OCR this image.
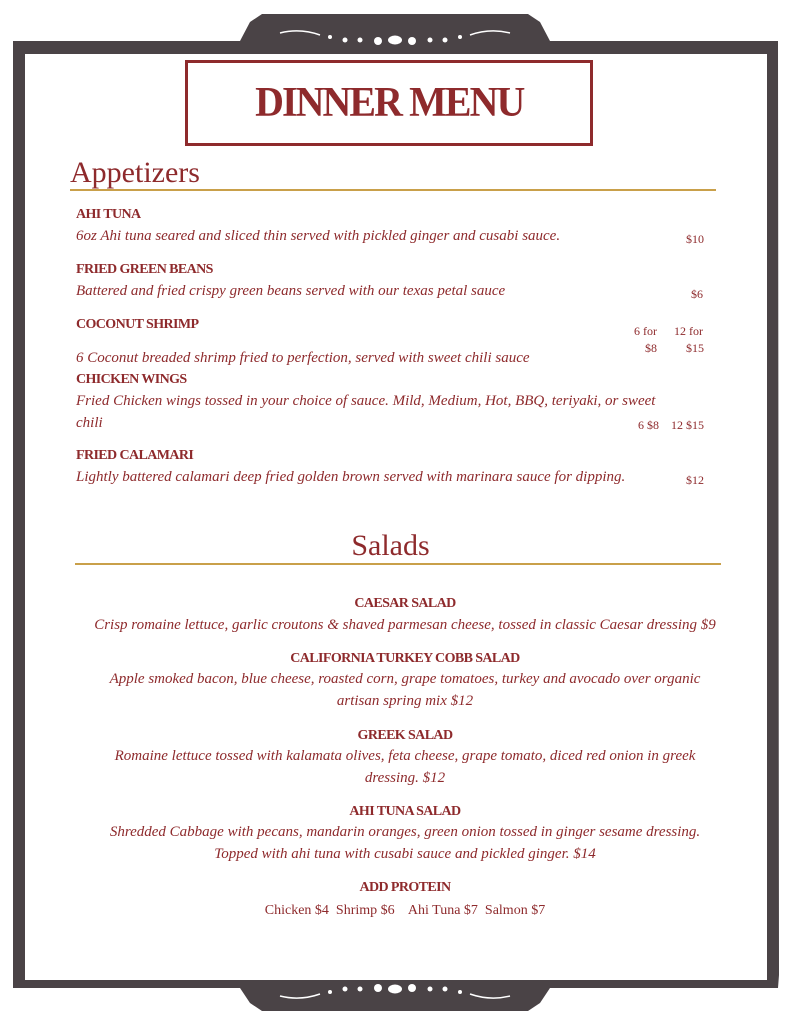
DINNER MENU
Appetizers
AHI TUNA
6oz Ahi tuna seared and sliced thin served with pickled ginger and cusabi sauce.	$10
FRIED GREEN BEANS
Battered and fried crispy green beans served with our texas petal sauce	$6
COCONUT SHRIMP	6 for
$8
12 for
$15
6 Coconut breaded shrimp fried to perfection, served with sweet chili sauce
CHICKEN WINGS
Fried Chicken wings tossed in your choice of sauce. Mild, Medium, Hot, BBQ, teriyaki, or sweet
chili	6 $8    12 $15
FRIED CALAMARI
Lightly battered calamari deep fried golden brown served with marinara sauce for dipping.	$12
Salads
CAESAR SALAD
Crisp romaine lettuce, garlic croutons & shaved parmesan cheese, tossed in classic Caesar dressing $9
CALIFORNIA TURKEY COBB SALAD
Apple smoked bacon, blue cheese, roasted corn, grape tomatoes, turkey and avocado over organic artisan spring mix $12
GREEK SALAD
Romaine lettuce tossed with kalamata olives, feta cheese, grape tomato, diced red onion in greek dressing. $12
AHI TUNA SALAD
Shredded Cabbage with pecans, mandarin oranges, green onion tossed in ginger sesame dressing. Topped with ahi tuna with cusabi sauce and pickled ginger. $14
ADD PROTEIN
Chicken $4  Shrimp $6    Ahi Tuna $7  Salmon $7
